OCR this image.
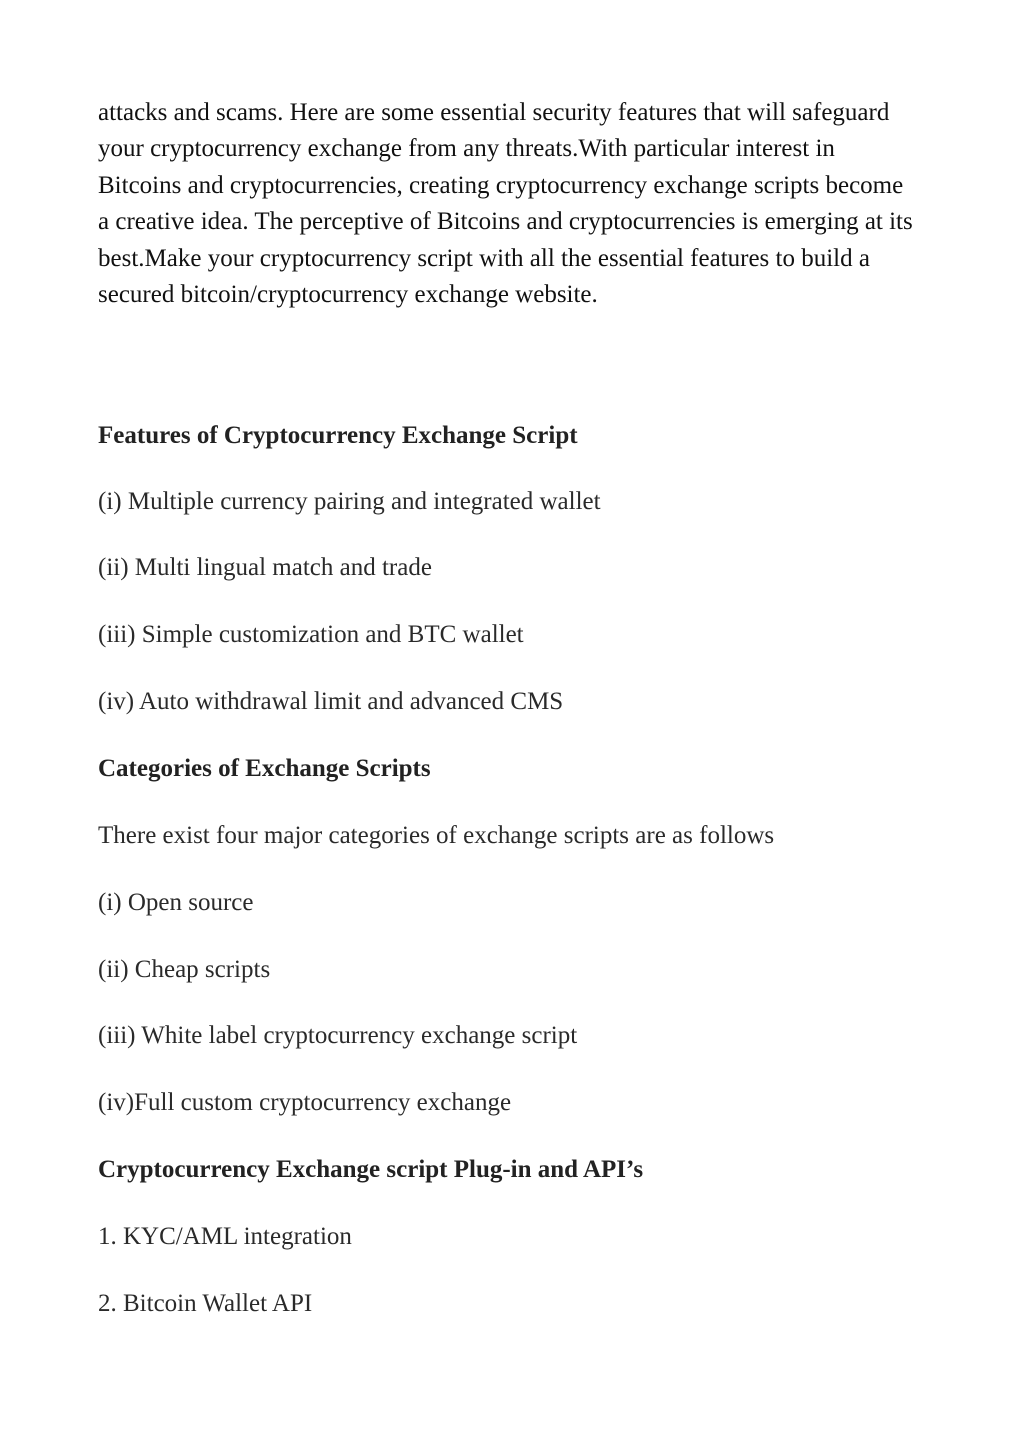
attacks and scams. Here are some essential security features that will safeguard your cryptocurrency exchange from any threats.With particular interest in Bitcoins and cryptocurrencies, creating cryptocurrency exchange scripts become a creative idea. The perceptive of Bitcoins and cryptocurrencies is emerging at its best.Make your cryptocurrency script with all the essential features to build a secured bitcoin/cryptocurrency exchange website.

Features of Cryptocurrency Exchange Script

(i) Multiple currency pairing and integrated wallet

(ii) Multi lingual match and trade

(iii) Simple customization and BTC wallet

(iv) Auto withdrawal limit and advanced CMS

Categories of Exchange Scripts

There exist four major categories of exchange scripts are as follows

(i) Open source

(ii) Cheap scripts

(iii) White label cryptocurrency exchange script

(iv)Full custom cryptocurrency exchange

Cryptocurrency Exchange script Plug-in and API’s

1. KYC/AML integration

2. Bitcoin Wallet API
